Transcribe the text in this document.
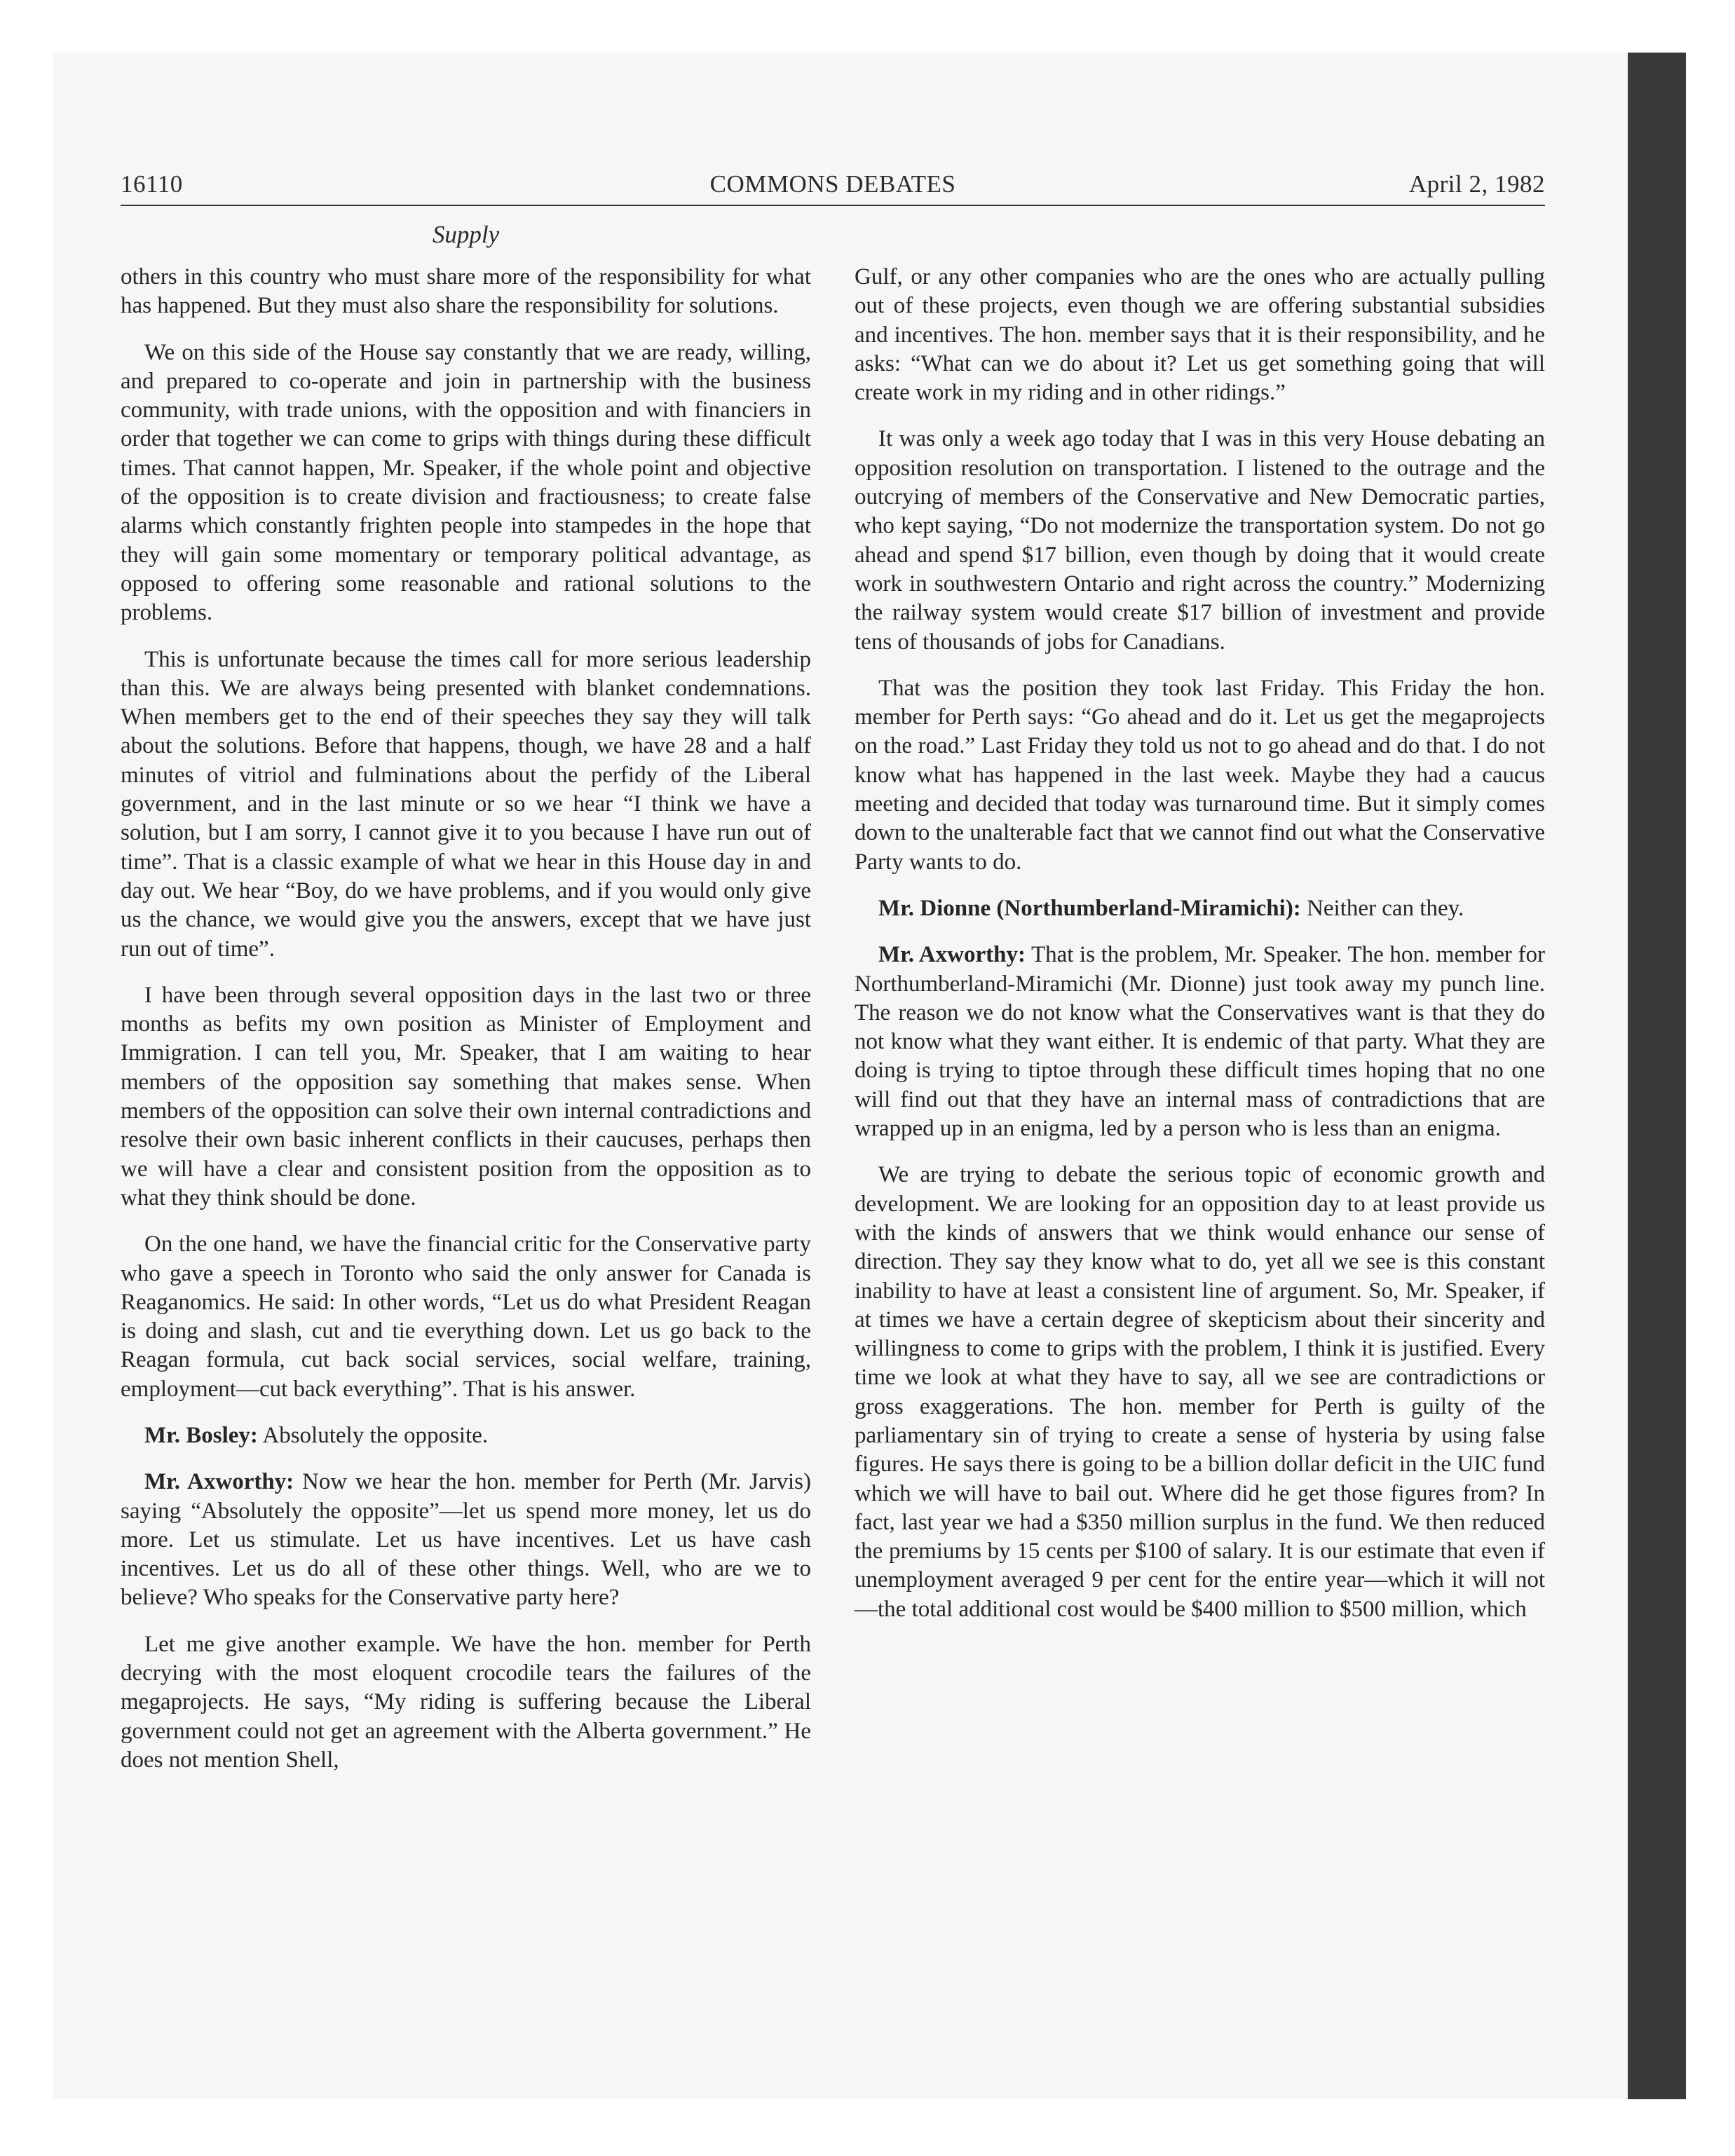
16110	COMMONS DEBATES	April 2, 1982
Supply

others in this country who must share more of the responsibility for what has happened. But they must also share the responsibility for solutions.

We on this side of the House say constantly that we are ready, willing, and prepared to co-operate and join in partnership with the business community, with trade unions, with the opposition and with financiers in order that together we can come to grips with things during these difficult times. That cannot happen, Mr. Speaker, if the whole point and objective of the opposition is to create division and fractiousness; to create false alarms which constantly frighten people into stampedes in the hope that they will gain some momentary or temporary political advantage, as opposed to offering some reasonable and rational solutions to the problems.

This is unfortunate because the times call for more serious leadership than this. We are always being presented with blanket condemnations. When members get to the end of their speeches they say they will talk about the solutions. Before that happens, though, we have 28 and a half minutes of vitriol and fulminations about the perfidy of the Liberal government, and in the last minute or so we hear “I think we have a solution, but I am sorry, I cannot give it to you because I have run out of time”. That is a classic example of what we hear in this House day in and day out. We hear “Boy, do we have problems, and if you would only give us the chance, we would give you the answers, except that we have just run out of time”.

I have been through several opposition days in the last two or three months as befits my own position as Minister of Employment and Immigration. I can tell you, Mr. Speaker, that I am waiting to hear members of the opposition say something that makes sense. When members of the opposition can solve their own internal contradictions and resolve their own basic inherent conflicts in their caucuses, perhaps then we will have a clear and consistent position from the opposition as to what they think should be done.

On the one hand, we have the financial critic for the Conservative party who gave a speech in Toronto who said the only answer for Canada is Reaganomics. He said: In other words, “Let us do what President Reagan is doing and slash, cut and tie everything down. Let us go back to the Reagan formula, cut back social services, social welfare, training, employment—cut back everything”. That is his answer.

Mr. Bosley: Absolutely the opposite.

Mr. Axworthy: Now we hear the hon. member for Perth (Mr. Jarvis) saying “Absolutely the opposite”—let us spend more money, let us do more. Let us stimulate. Let us have incentives. Let us have cash incentives. Let us do all of these other things. Well, who are we to believe? Who speaks for the Conservative party here?

Let me give another example. We have the hon. member for Perth decrying with the most eloquent crocodile tears the failures of the megaprojects. He says, “My riding is suffering because the Liberal government could not get an agreement with the Alberta government.” He does not mention Shell,

Gulf, or any other companies who are the ones who are actually pulling out of these projects, even though we are offering substantial subsidies and incentives. The hon. member says that it is their responsibility, and he asks: “What can we do about it? Let us get something going that will create work in my riding and in other ridings.”

It was only a week ago today that I was in this very House debating an opposition resolution on transportation. I listened to the outrage and the outcrying of members of the Conservative and New Democratic parties, who kept saying, “Do not modernize the transportation system. Do not go ahead and spend $17 billion, even though by doing that it would create work in southwestern Ontario and right across the country.” Modernizing the railway system would create $17 billion of investment and provide tens of thousands of jobs for Canadians.

That was the position they took last Friday. This Friday the hon. member for Perth says: “Go ahead and do it. Let us get the megaprojects on the road.” Last Friday they told us not to go ahead and do that. I do not know what has happened in the last week. Maybe they had a caucus meeting and decided that today was turnaround time. But it simply comes down to the unalterable fact that we cannot find out what the Conservative Party wants to do.

Mr. Dionne (Northumberland-Miramichi): Neither can they.

Mr. Axworthy: That is the problem, Mr. Speaker. The hon. member for Northumberland-Miramichi (Mr. Dionne) just took away my punch line. The reason we do not know what the Conservatives want is that they do not know what they want either. It is endemic of that party. What they are doing is trying to tiptoe through these difficult times hoping that no one will find out that they have an internal mass of contradictions that are wrapped up in an enigma, led by a person who is less than an enigma.

We are trying to debate the serious topic of economic growth and development. We are looking for an opposition day to at least provide us with the kinds of answers that we think would enhance our sense of direction. They say they know what to do, yet all we see is this constant inability to have at least a consistent line of argument. So, Mr. Speaker, if at times we have a certain degree of skepticism about their sincerity and willingness to come to grips with the problem, I think it is justified. Every time we look at what they have to say, all we see are contradictions or gross exaggerations. The hon. member for Perth is guilty of the parliamentary sin of trying to create a sense of hysteria by using false figures. He says there is going to be a billion dollar deficit in the UIC fund which we will have to bail out. Where did he get those figures from? In fact, last year we had a $350 million surplus in the fund. We then reduced the premiums by 15 cents per $100 of salary. It is our estimate that even if unemployment averaged 9 per cent for the entire year—which it will not—the total additional cost would be $400 million to $500 million, which
